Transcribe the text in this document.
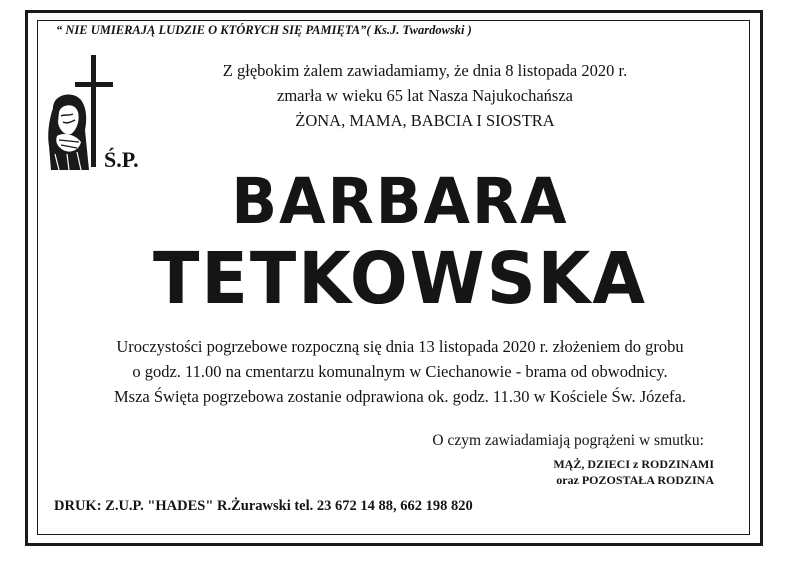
“ NIE UMIERAJĄ LUDZIE O KTÓRYCH SIĘ PAMIĘTA”( Ks.J. Twardowski )
Z głębokim żalem zawiadamiamy, że dnia 8 listopada 2020 r.
zmarła w wieku 65 lat Nasza Najukochańsza
ŻONA, MAMA, BABCIA I SIOSTRA
Ś.P.
BARBARA
TETKOWSKA
Uroczystości pogrzebowe rozpoczną się dnia 13 listopada 2020 r. złożeniem do grobu
o godz. 11.00 na cmentarzu komunalnym w Ciechanowie - brama od obwodnicy.
Msza Święta pogrzebowa zostanie odprawiona ok. godz. 11.30 w Kościele Św. Józefa.
O czym zawiadamiają pogrążeni w smutku:
MĄŻ, DZIECI z RODZINAMI
oraz POZOSTAŁA RODZINA
DRUK: Z.U.P. "HADES" R.Żurawski tel. 23 672 14 88, 662 198 820
